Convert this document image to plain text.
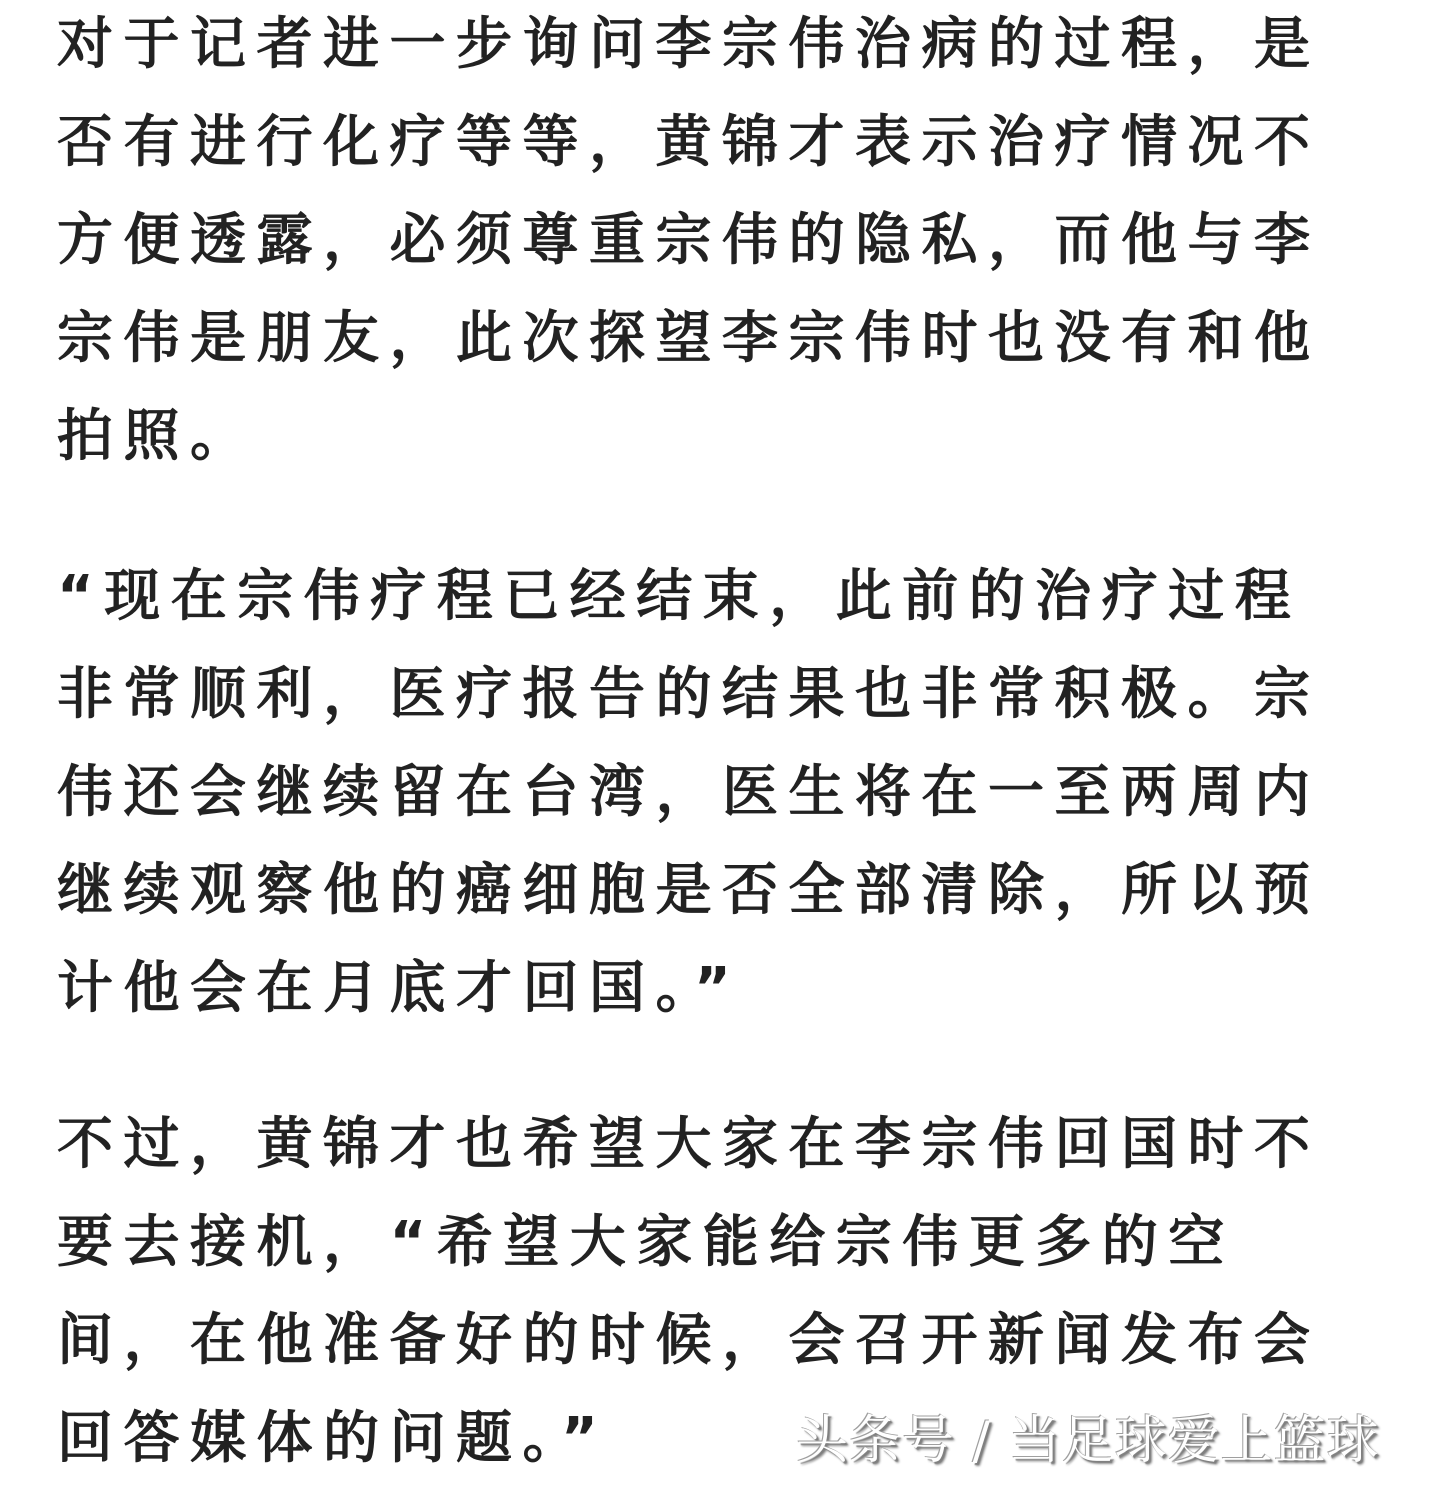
对于记者进一步询问李宗伟治病的过程，是
否有进行化疗等等，黄锦才表示治疗情况不
方便透露，必须尊重宗伟的隐私，而他与李
宗伟是朋友，此次探望李宗伟时也没有和他
拍照。
“现在宗伟疗程已经结束，此前的治疗过程
非常顺利，医疗报告的结果也非常积极。宗
伟还会继续留在台湾，医生将在一至两周内
继续观察他的癌细胞是否全部清除，所以预
计他会在月底才回国。”
不过，黄锦才也希望大家在李宗伟回国时不
要去接机，“希望大家能给宗伟更多的空
间，在他准备好的时候，会召开新闻发布会
回答媒体的问题。”	头条号 / 当足球爱上篮球
